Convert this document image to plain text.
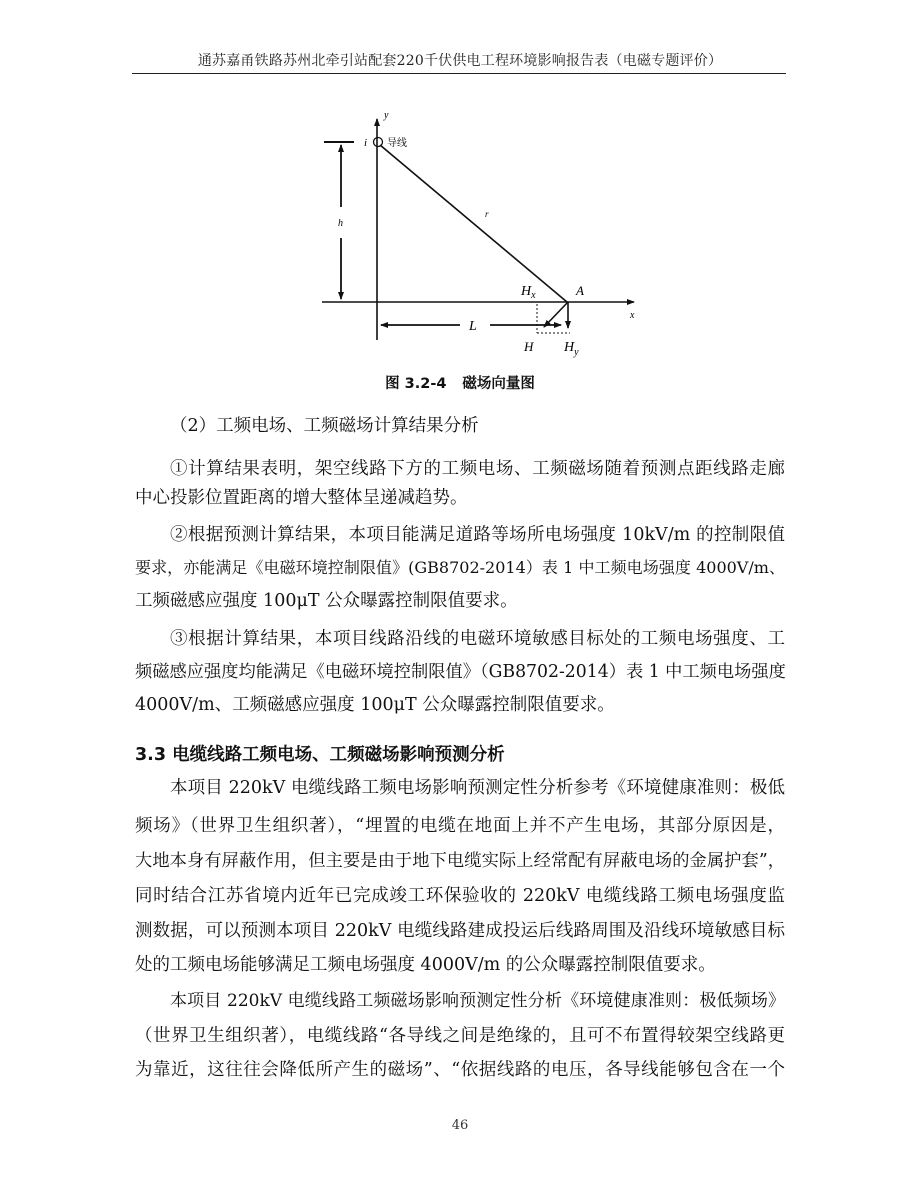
通苏嘉甬铁路苏州北牵引站配套220千伏供电工程环境影响报告表（电磁专题评价）
y
i 导线
h
r
L
A
$H_x$
x
H $H_y$
图 3.2-4 磁场向量图
（2）工频电场、工频磁场计算结果分析
①计算结果表明，架空线路下方的工频电场、工频磁场随着预测点距线路走廊
中心投影位置距离的增大整体呈递减趋势。
②根据预测计算结果，本项目能满足道路等场所电场强度 10kV/m 的控制限值
要求，亦能满足《电磁环境控制限值》(GB8702-2014）表 1 中工频电场强度 4000V/m、
工频磁感应强度 100μT 公众曝露控制限值要求。
③根据计算结果，本项目线路沿线的电磁环境敏感目标处的工频电场强度、工
频磁感应强度均能满足《电磁环境控制限值》（GB8702-2014）表 1 中工频电场强度
4000V/m、工频磁感应强度 100μT 公众曝露控制限值要求。
3.3 电缆线路工频电场、工频磁场影响预测分析
本项目 220kV 电缆线路工频电场影响预测定性分析参考《环境健康准则：极低
频场》（世界卫生组织著），“埋置的电缆在地面上并不产生电场，其部分原因是，
大地本身有屏蔽作用，但主要是由于地下电缆实际上经常配有屏蔽电场的金属护套”，
同时结合江苏省境内近年已完成竣工环保验收的 220kV 电缆线路工频电场强度监
测数据，可以预测本项目 220kV 电缆线路建成投运后线路周围及沿线环境敏感目标
处的工频电场能够满足工频电场强度 4000V/m 的公众曝露控制限值要求。
本项目 220kV 电缆线路工频磁场影响预测定性分析《环境健康准则：极低频场》
（世界卫生组织著），电缆线路“各导线之间是绝缘的，且可不布置得较架空线路更
为靠近，这往往会降低所产生的磁场”、“依据线路的电压，各导线能够包含在一个
46
